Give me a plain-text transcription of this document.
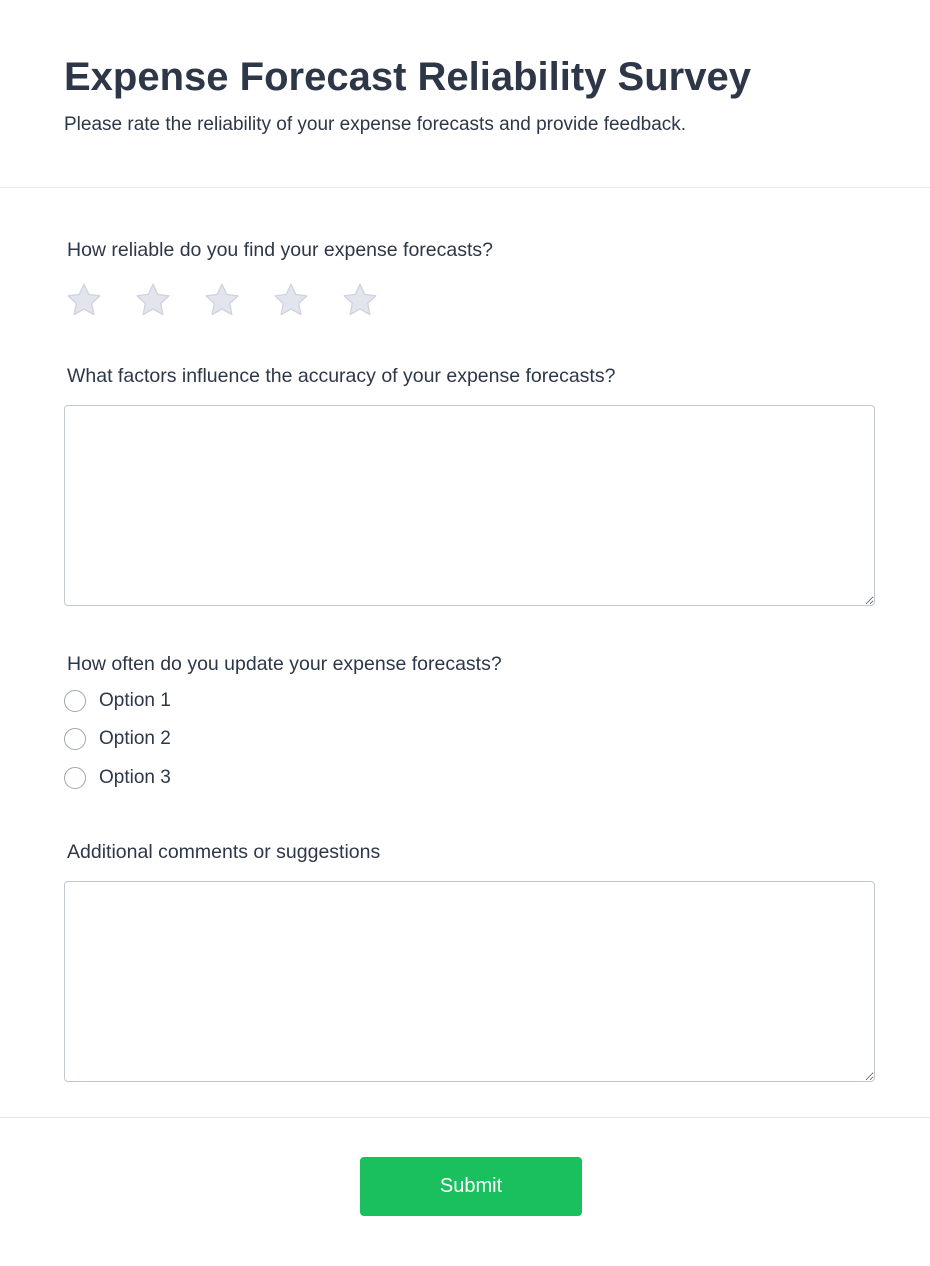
Expense Forecast Reliability Survey

Please rate the reliability of your expense forecasts and provide feedback.

How reliable do you find your expense forecasts?
What factors influence the accuracy of your expense forecasts?
How often do you update your expense forecasts?
Option 1
Option 2
Option 3
Additional comments or suggestions
Submit
